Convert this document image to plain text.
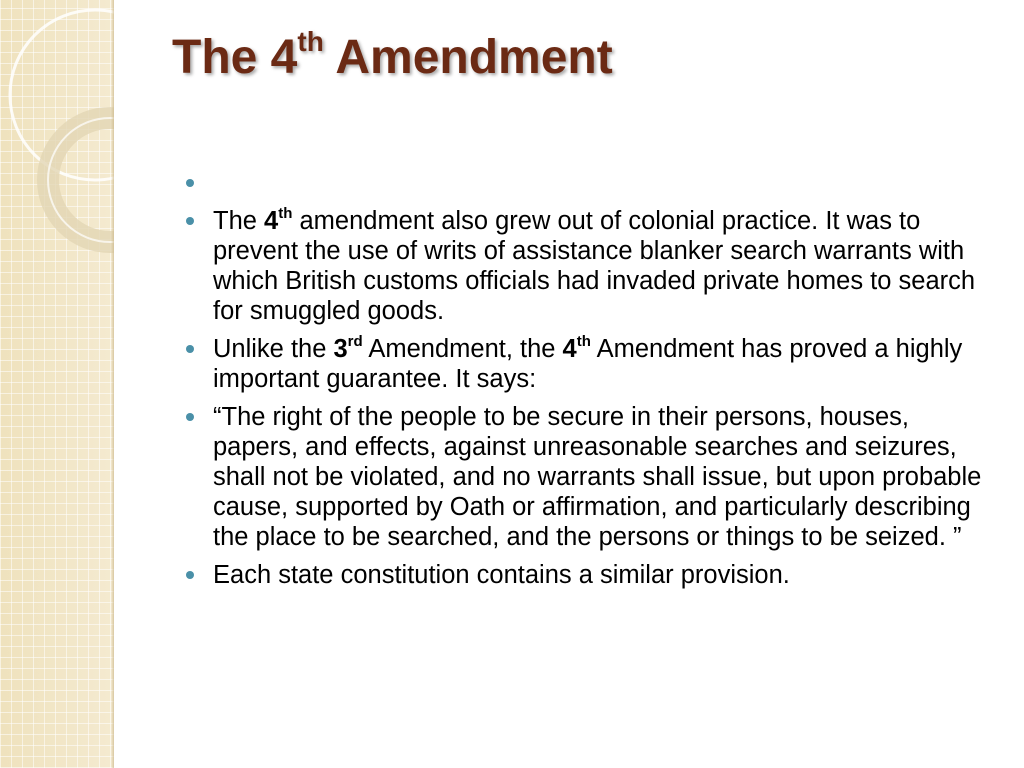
The 4th Amendment
The 4th amendment also grew out of colonial practice. It was to prevent the use of writs of assistance blanker search warrants with which British customs officials had invaded private homes to search for smuggled goods.
Unlike the 3rd Amendment, the 4th Amendment has proved a highly important guarantee. It says:
“The right of the people to be secure in their persons, houses, papers, and effects, against unreasonable searches and seizures, shall not be violated, and no warrants shall issue, but upon probable cause, supported by Oath or affirmation, and particularly describing the place to be searched, and the persons or things to be seized. ”
Each state constitution contains a similar provision.
